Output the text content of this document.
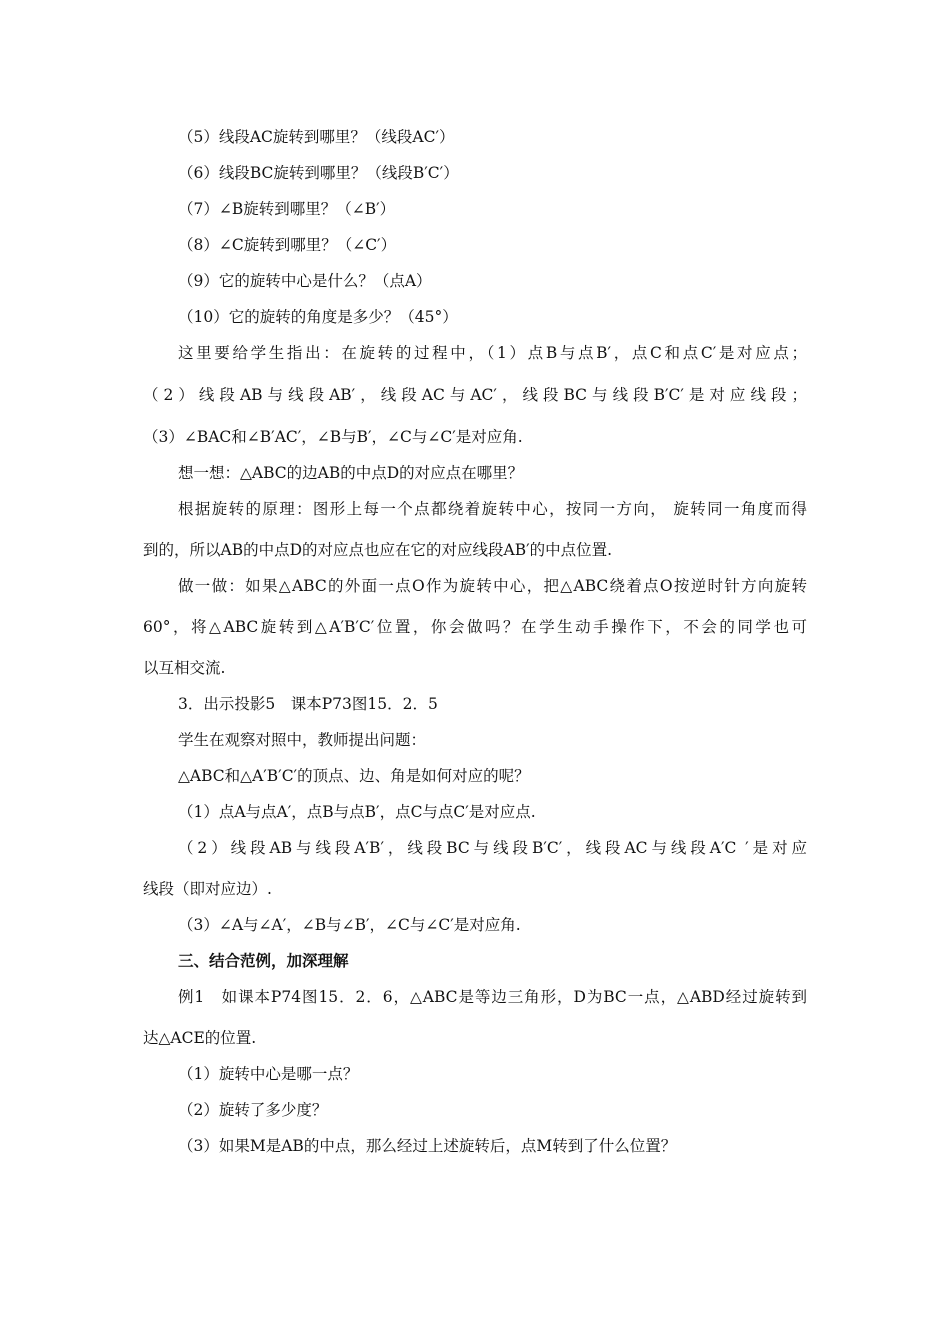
（5）线段AC旋转到哪里？（线段AC′）
（6）线段BC旋转到哪里？（线段B′C′）
（7）∠B旋转到哪里？（∠B′）
（8）∠C旋转到哪里？（∠C′）
（9）它的旋转中心是什么？（点A）
（10）它的旋转的角度是多少？（45°）
这里要给学生指出：在旋转的过程中，（1）点B与点B′，点C和点C′是对应点；
（2）线段AB与线段AB′，线段AC与AC′，线段BC与线段B′C′是对应线段；
（3）∠BAC和∠B′AC′，∠B与B′，∠C与∠C′是对应角.
想一想：△ABC的边AB的中点D的对应点在哪里？
根据旋转的原理：图形上每一个点都绕着旋转中心，按同一方向， 旋转同一角度而得
到的，所以AB的中点D的对应点也应在它的对应线段AB′的中点位置.
做一做：如果△ABC的外面一点O作为旋转中心，把△ABC绕着点O按逆时针方向旋转
60°，将△ABC旋转到△A′B′C′位置，你会做吗？在学生动手操作下，不会的同学也可
以互相交流.
3．出示投影5　课本P73图15．2．5
学生在观察对照中，教师提出问题：
△ABC和△A′B′C′的顶点、边、角是如何对应的呢？
（1）点A与点A′，点B与点B′，点C与点C′是对应点.
（2）线段AB与线段A′B′，线段BC与线段B′C′，线段AC与线段A′C ′是对应
线段（即对应边）.
（3）∠A与∠A′，∠B与∠B′，∠C与∠C′是对应角.
三、结合范例，加深理解
例1　如课本P74图15．2．6，△ABC是等边三角形，D为BC一点，△ABD经过旋转到
达△ACE的位置.
（1）旋转中心是哪一点？
（2）旋转了多少度？
（3）如果M是AB的中点，那么经过上述旋转后，点M转到了什么位置？
